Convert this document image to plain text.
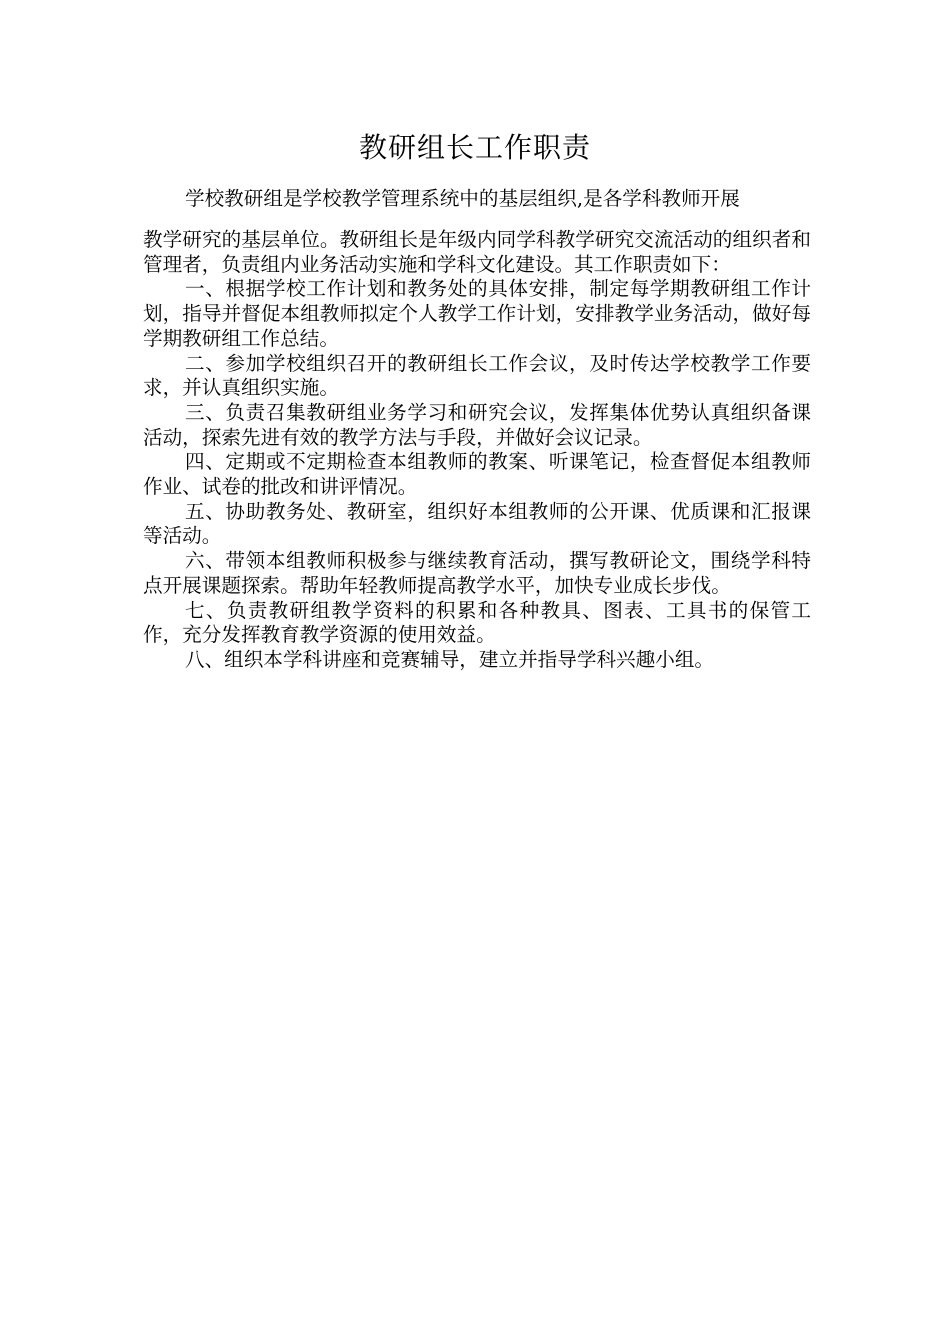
教研组长工作职责

学校教研组是学校教学管理系统中的基层组织,是各学科教师开展

教学研究的基层单位。教研组长是年级内同学科教学研究交流活动的组织者和管理者，负责组内业务活动实施和学科文化建设。其工作职责如下：

一、根据学校工作计划和教务处的具体安排，制定每学期教研组工作计划，指导并督促本组教师拟定个人教学工作计划，安排教学业务活动，做好每学期教研组工作总结。

二、参加学校组织召开的教研组长工作会议，及时传达学校教学工作要求，并认真组织实施。

三、负责召集教研组业务学习和研究会议，发挥集体优势认真组织备课活动，探索先进有效的教学方法与手段，并做好会议记录。

四、定期或不定期检查本组教师的教案、听课笔记，检查督促本组教师作业、试卷的批改和讲评情况。

五、协助教务处、教研室，组织好本组教师的公开课、优质课和汇报课等活动。

六、带领本组教师积极参与继续教育活动，撰写教研论文，围绕学科特点开展课题探索。帮助年轻教师提高教学水平，加快专业成长步伐。

七、负责教研组教学资料的积累和各种教具、图表、工具书的保管工作，充分发挥教育教学资源的使用效益。

八、组织本学科讲座和竞赛辅导，建立并指导学科兴趣小组。
